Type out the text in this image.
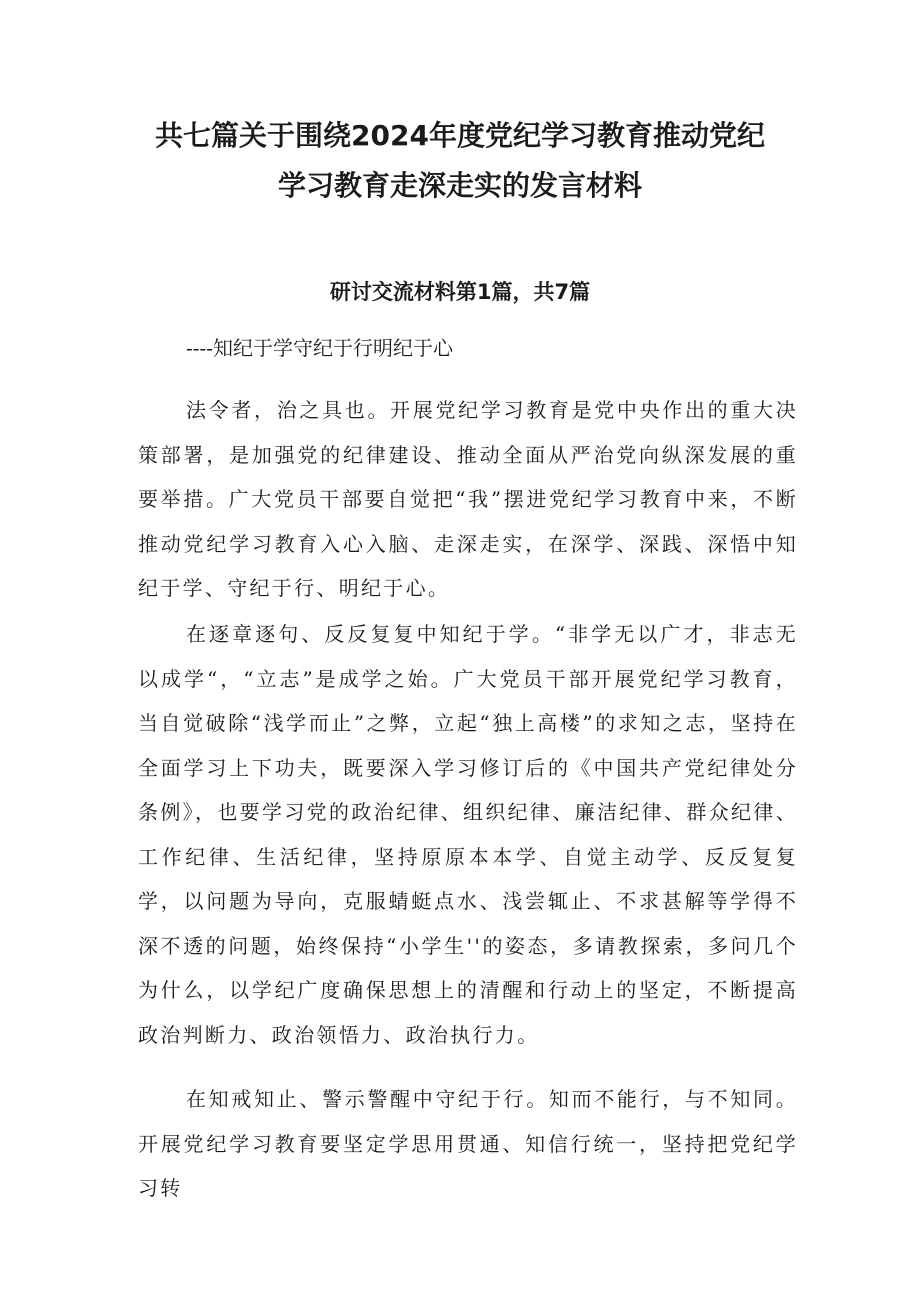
共七篇关于围绕2024年度党纪学习教育推动党纪
学习教育走深走实的发言材料
研讨交流材料第1篇，共7篇
----知纪于学守纪于行明纪于心

法令者，治之具也。开展党纪学习教育是党中央作出的重大决策部署，是加强党的纪律建设、推动全面从严治党向纵深发展的重要举措。广大党员干部要自觉把“我”摆进党纪学习教育中来，不断推动党纪学习教育入心入脑、走深走实，在深学、深践、深悟中知纪于学、守纪于行、明纪于心。

在逐章逐句、反反复复中知纪于学。“非学无以广才，非志无以成学“，“立志”是成学之始。广大党员干部开展党纪学习教育，当自觉破除“浅学而止”之弊，立起“独上高楼”的求知之志，坚持在全面学习上下功夫，既要深入学习修订后的《中国共产党纪律处分条例》，也要学习党的政治纪律、组织纪律、廉洁纪律、群众纪律、工作纪律、生活纪律，坚持原原本本学、自觉主动学、反反复复学，以问题为导向，克服蜻蜓点水、浅尝辄止、不求甚解等学得不深不透的问题，始终保持“小学生''的姿态，多请教探索，多问几个为什么，以学纪广度确保思想上的清醒和行动上的坚定，不断提高政治判断力、政治领悟力、政治执行力。

在知戒知止、警示警醒中守纪于行。知而不能行，与不知同。开展党纪学习教育要坚定学思用贯通、知信行统一，坚持把党纪学习转
